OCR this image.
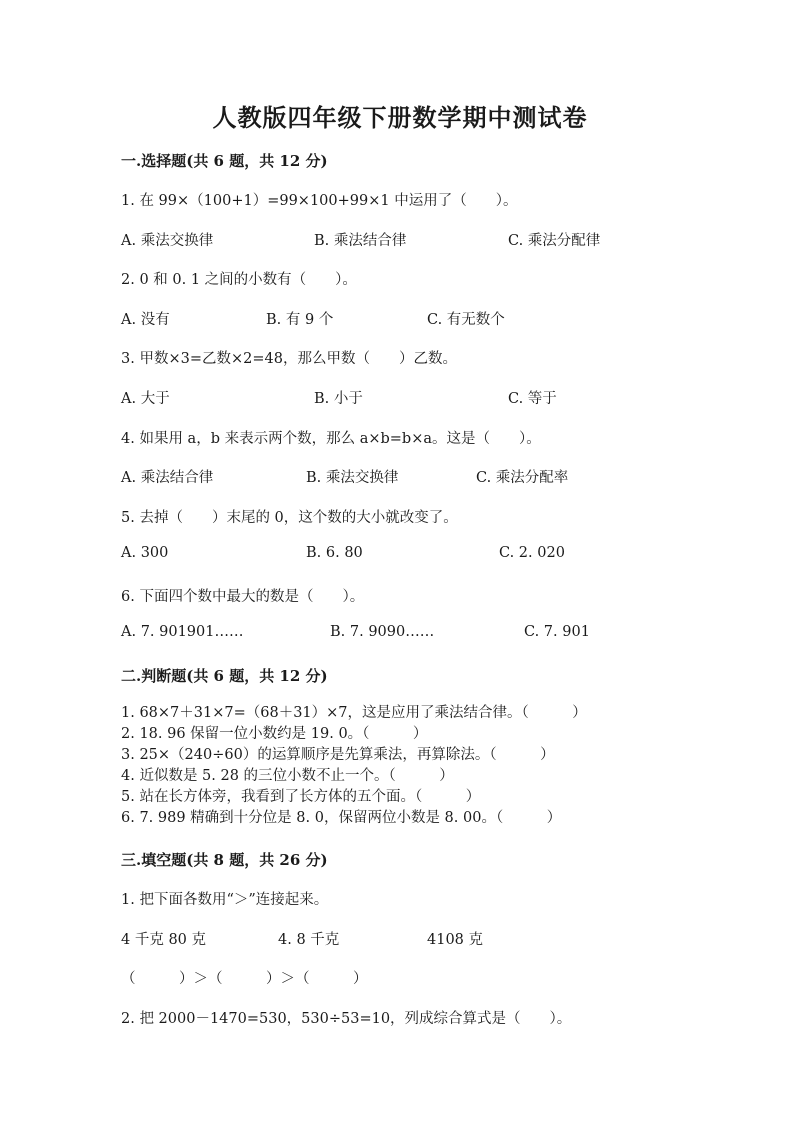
人教版四年级下册数学期中测试卷
一.选择题(共 6 题，共 12 分)
1. 在 99×（100+1）=99×100+99×1 中运用了（　　）。
A. 乘法交换律	B. 乘法结合律	C. 乘法分配律
2. 0 和 0. 1 之间的小数有（　　）。
A. 没有	B. 有 9 个	C. 有无数个
3. 甲数×3=乙数×2=48，那么甲数（　　）乙数。
A. 大于	B. 小于	C. 等于
4. 如果用 a，b 来表示两个数，那么 a×b=b×a。这是（　　）。
A. 乘法结合律	B. 乘法交换律	C. 乘法分配率
5. 去掉（　　）末尾的 0，这个数的大小就改变了。
A. 300	B. 6. 80	C. 2. 020
6. 下面四个数中最大的数是（　　）。
A. 7. 901901……	B. 7. 9090……	C. 7. 901
二.判断题(共 6 题，共 12 分)
1. 68×7＋31×7=（68＋31）×7，这是应用了乘法结合律。（　　　）
2. 18. 96 保留一位小数约是 19. 0。（　　　）
3. 25×（240÷60）的运算顺序是先算乘法，再算除法。（　　　）
4. 近似数是 5. 28 的三位小数不止一个。（　　　）
5. 站在长方体旁，我看到了长方体的五个面。（　　　）
6. 7. 989 精确到十分位是 8. 0，保留两位小数是 8. 00。（　　　）
三.填空题(共 8 题，共 26 分)
1. 把下面各数用“＞”连接起来。
4 千克 80 克	4. 8 千克	4108 克
（　　　）＞（　　　）＞（　　　）
2. 把 2000－1470=530，530÷53=10，列成综合算式是（　　）。
